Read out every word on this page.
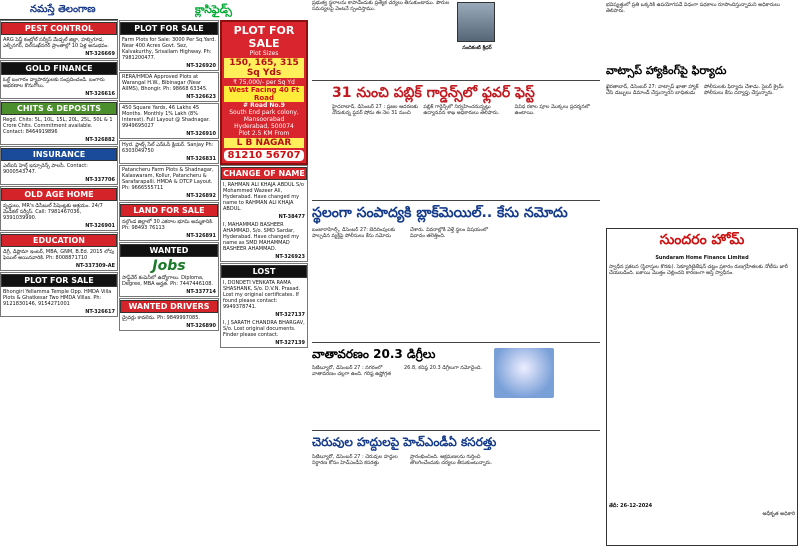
నమస్తే తెలంగాణ
PEST CONTROL
ARG పెస్ట్ కంట్రోల్ సర్వీస్ మేడ్చల్ జిల్లా, హబ్సిగూడ, ఎల్బీనగర్, దిల్‌సుఖ్‌నగర్ ప్రాంతాల్లో 10 ఏళ్ల అనుభవం.
NT-326669
GOLD FINANCE
ఓల్డ్ బంగారం వ్యాపారస్తులకు సంప్రదించండి. బంగారు ఆభరణాల కొనుగోలు.
NT-326616
CHITS & DEPOSITS
Regd. Chits: 5L, 10L, 15L, 20L, 25L, 50L & 1 Crore Chits. Commitment available. Contact: 8464919896
NT-326882
INSURANCE
ఎల్ఐసి హెల్త్ ఇన్సూరెన్స్ పాలసీ. Contact: 9000543747.
NT-337706
OLD AGE HOME
వృద్ధులు, MR's డిసేబుల్ పేషెంట్లకు ఆశ్రయం. 24/7 మెడికల్ సర్వీస్. Call: 7981467036, 9391039990.
NT-326901
EDUCATION
డిగ్రీ, డిప్లొమా ఇంటర్, MBA, GNM, B.Ed. 2015 లోపు ఫెయిల్ అయినవారికి. Ph: 8008871710
NT-337309-AE
PLOT FOR SALE
Bhongiri Yellamma Temple Opp. HMDA Villa Plots & Ghatkesar Two HMDA Villas. Ph: 9121830146, 9154271001
NT-326617
PLOT FOR SALE
Farm Plots for Sale: 3000 Per Sq.Yard. Near 400 Acres Govt. Sez, Kalvakurthy, Srisailam Highway. Ph: 7981200477.
NT-326920
RERA/HMDA Approved Plots at Warangal H.W., Bibinagar (Near AIIMS), Bhongir. Ph: 98668 63345.
NT-326623
450 Square Yards, 46 Lakhs 45 Months. Monthly 1% Lakh (8% Interest). Full Layout @ Shadnagar. 9949695027
NT-326910
Hyd. ప్లాట్స్ సేల్ ఎన్ఓసీ క్లియర్. Sanjay Ph: 6303049750
NT-326831
Patancheru Farm Plots & Shadnagar, Kalaswaram, Kollur, Patancheru & Sarafarapalli. HMDA & DTCP Layout. Ph: 9666555711
NT-326892
LAND FOR SALE
నల్గొండ జిల్లాలో 30 ఎకరాల భూమి అమ్మకానికి. Ph: 98493 76113
NT-326891
WANTED
Jobs
సాఫ్ట్‌వేర్ కంపెనీలో ఉద్యోగాలు. Diploma, Degree, MBA అర్హత. Ph: 7447446108.
NT-337714
WANTED DRIVERS
డ్రైవర్లు కావలెను. Ph: 9849997085.
NT-326890
క్లాసిఫైడ్స్
PLOT FOR SALE
Plot Sizes
150, 165, 315 Sq Yds
₹ 75,000/- per Sq Yd
West Facing 40 Ft Road
# Road No.9
South End park colony, Mansoorabad
Hyderabad, 500074
Plot 2.5 KM From
L B NAGAR
81210 56707
CHANGE OF NAME
I, RAHMAN ALI KHAJA ABDUL S/o Mohammed Wazeer Ali, Hyderabad. Have changed my name to RAHMAN ALI KHAJA ABDUL.
NT-38477
I, MAHAMMAD BASHEER AHAMMAD, S/o. SMD Sardar, Hyderabad. Have changed my name as SMD MAHAMMAD BASHEER AHAMMAD.
NT-326923
LOST
I, DONDETI VENKATA RAMA SHASHANK, S/o. D.V.N. Prasad. Lost my original certificates. If found please contact: 9949378741.
NT-327137
I, J SARATH CHANDRA BHARGAV, S/o. Lost original documents. Finder please contact.
NT-327139
ప్రభుత్వ స్థలాలను కాపాడేందుకు ప్రత్యేక చర్యలు తీసుకుంటాము. పౌరుల సమస్యలపై వెంటనే స్పందిస్తాము.
నందికంటి శ్రీధర్
31 నుంచి పబ్లిక్ గార్డెన్స్‌లో ఫ్లవర్ ఫెస్ట్
హైదరాబాద్, డిసెంబర్ 27 : ప్రజల ఆదరణకు నోచుకున్న ఫ్లవర్ షోను ఈ నెల 31 నుంచి పబ్లిక్ గార్డెన్స్‌లో నిర్వహించనున్నట్లు ఉద్యానవన శాఖ అధికారులు తెలిపారు. వివిధ రకాల పూల మొక్కలు ప్రదర్శనలో ఉంటాయి.
స్థలంగా సంపాద్యకి బ్లాక్‌మెయిల్.. కేసు నమోదు
బంజారాహిల్స్, డిసెంబర్ 27: బెదిరింపులకు పాల్పడిన వ్యక్తిపై పోలీసులు కేసు నమోదు చేశారు. వివరాల్లోకి వెళ్తే స్థలం విషయంలో వివాదం తలెత్తింది.
వాతావరణం 20.3 డిగ్రీలు
సిటీబ్యూరో, డిసెంబర్ 27 : నగరంలో వాతావరణం చల్లగా ఉంది. గరిష్ఠ ఉష్ణోగ్రత 26.8, కనిష్ఠ 20.3 డిగ్రీలుగా నమోదైంది.
చెరువుల హద్దులపై హెచ్ఎండీఏ కసరత్తు
సిటీబ్యూరో, డిసెంబర్ 27 : చెరువుల హద్దుల నిర్ధారణ కోసం హెచ్ఎండీఏ కసరత్తు ప్రారంభించింది. ఆక్రమణలను గుర్తించి తొలగించేందుకు చర్యలు తీసుకుంటున్నారు.
భవిష్యత్తులో ప్రతి ఒక్కరికి ఉపయోగపడే విధంగా పథకాలు రూపొందిస్తున్నామని అధికారులు తెలిపారు.
వాట్సాప్ హ్యాకింగ్‌పై ఫిర్యాదు
ఖైరతాబాద్, డిసెంబర్ 27: వాట్సాప్ ఖాతా హ్యాక్ చేసి డబ్బులు డిమాండ్ చేస్తున్నారని బాధితుడు పోలీసులకు ఫిర్యాదు చేశాడు. సైబర్ క్రైమ్ పోలీసులు కేసు దర్యాప్తు చేస్తున్నారు.
సుందరం హోమ్
Sundaram Home Finance Limited
స్వాధీన ప్రకటన (స్థిరాస్తుల కొరకు). సెక్యూరిటైజేషన్ చట్టం ప్రకారం రుణగ్రహీతలకు నోటీసు జారీ చేయబడింది. బకాయి మొత్తం చెల్లించని కారణంగా ఆస్తి స్వాధీనం.
తేదీ: 26-12-2024
అధీకృత అధికారి
